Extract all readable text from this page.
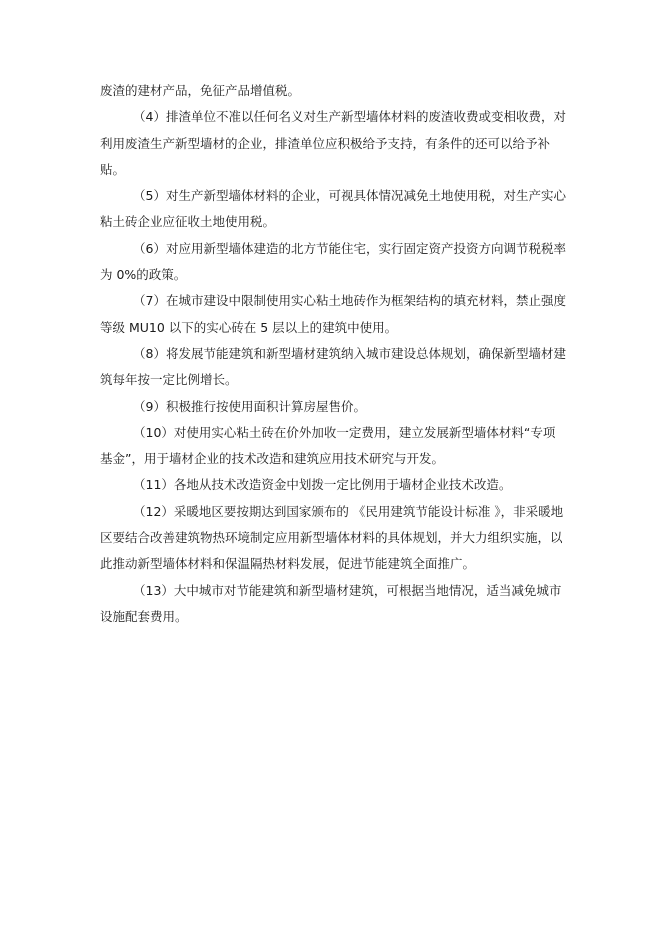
废渣的建材产品，免征产品增值税。

（4）排渣单位不准以任何名义对生产新型墙体材料的废渣收费或变相收费，对利用废渣生产新型墙材的企业，排渣单位应积极给予支持，有条件的还可以给予补贴。

（5）对生产新型墙体材料的企业，可视具体情况减免土地使用税，对生产实心粘土砖企业应征收土地使用税。

（6）对应用新型墙体建造的北方节能住宅，实行固定资产投资方向调节税税率为 0%的政策。

（7）在城市建设中限制使用实心粘土地砖作为框架结构的填充材料，禁止强度等级 MU10 以下的实心砖在 5 层以上的建筑中使用。

（8）将发展节能建筑和新型墙材建筑纳入城市建设总体规划，确保新型墙材建筑每年按一定比例增长。

（9）积极推行按使用面积计算房屋售价。

（10）对使用实心粘土砖在价外加收一定费用，建立发展新型墙体材料“专项基金”，用于墙材企业的技术改造和建筑应用技术研究与开发。

（11）各地从技术改造资金中划拨一定比例用于墙材企业技术改造。

（12）采暖地区要按期达到国家颁布的 《民用建筑节能设计标准 》，非采暖地区要结合改善建筑物热环境制定应用新型墙体材料的具体规划，并大力组织实施，以此推动新型墙体材料和保温隔热材料发展，促进节能建筑全面推广。

（13）大中城市对节能建筑和新型墙材建筑，可根据当地情况，适当减免城市设施配套费用。
